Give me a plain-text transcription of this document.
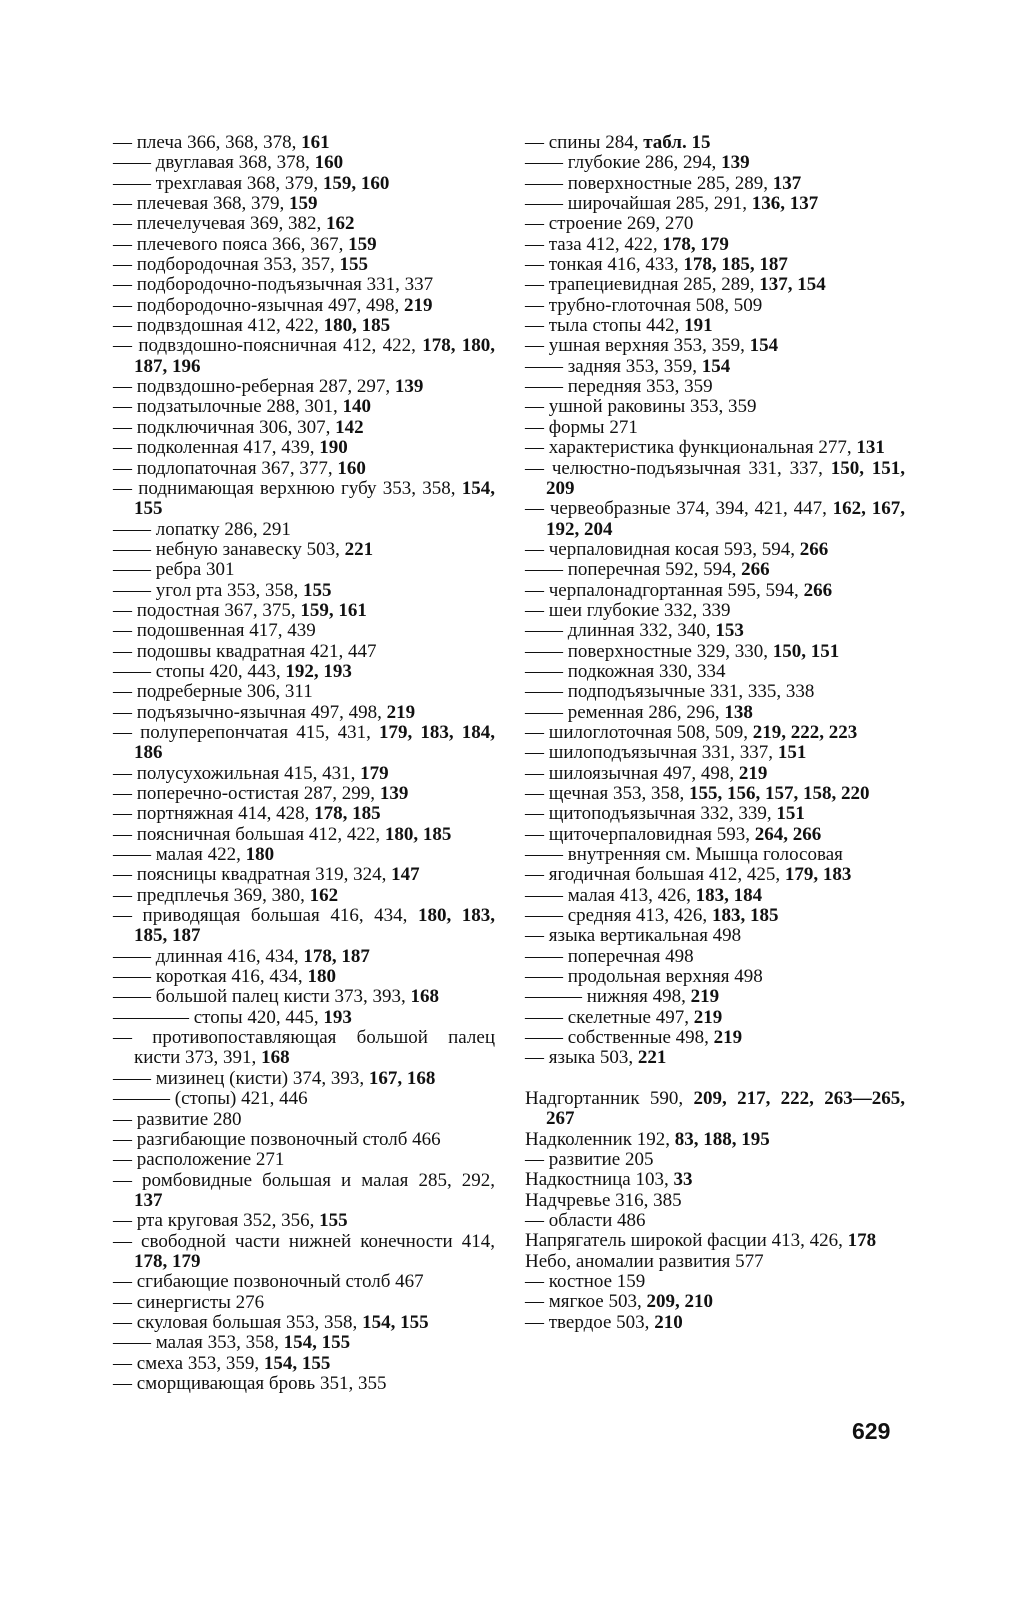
— плеча 366, 368, 378, 161
—— двуглавая 368, 378, 160
—— трехглавая 368, 379, 159, 160
— плечевая 368, 379, 159
— плечелучевая 369, 382, 162
— плечевого пояса 366, 367, 159
— подбородочная 353, 357, 155
— подбородочно-подъязычная 331, 337
— подбородочно-язычная 497, 498, 219
— подвздошная 412, 422, 180, 185
— подвздошно-поясничная 412, 422, 178, 180, 187, 196
— подвздошно-реберная 287, 297, 139
— подзатылочные 288, 301, 140
— подключичная 306, 307, 142
— подколенная 417, 439, 190
— подлопаточная 367, 377, 160
— поднимающая верхнюю губу 353, 358, 154, 155
—— лопатку 286, 291
—— небную занавеску 503, 221
—— ребра 301
—— угол рта 353, 358, 155
— подостная 367, 375, 159, 161
— подошвенная 417, 439
— подошвы квадратная 421, 447
—— стопы 420, 443, 192, 193
— подреберные 306, 311
— подъязычно-язычная 497, 498, 219
— полуперепончатая 415, 431, 179, 183, 184, 186
— полусухожильная 415, 431, 179
— поперечно-остистая 287, 299, 139
— портняжная 414, 428, 178, 185
— поясничная большая 412, 422, 180, 185
—— малая 422, 180
— поясницы квадратная 319, 324, 147
— предплечья 369, 380, 162
— приводящая большая 416, 434, 180, 183, 185, 187
—— длинная 416, 434, 178, 187
—— короткая 416, 434, 180
—— большой палец кисти 373, 393, 168
———— стопы 420, 445, 193
— противопоставляющая большой палец кисти 373, 391, 168
—— мизинец (кисти) 374, 393, 167, 168
——— (стопы) 421, 446
— развитие 280
— разгибающие позвоночный столб 466
— расположение 271
— ромбовидные большая и малая 285, 292, 137
— рта круговая 352, 356, 155
— свободной части нижней конечности 414, 178, 179
— сгибающие позвоночный столб 467
— синергисты 276
— скуловая большая 353, 358, 154, 155
—— малая 353, 358, 154, 155
— смеха 353, 359, 154, 155
— сморщивающая бровь 351, 355
— спины 284, табл. 15
—— глубокие 286, 294, 139
—— поверхностные 285, 289, 137
—— широчайшая 285, 291, 136, 137
— строение 269, 270
— таза 412, 422, 178, 179
— тонкая 416, 433, 178, 185, 187
— трапециевидная 285, 289, 137, 154
— трубно-глоточная 508, 509
— тыла стопы 442, 191
— ушная верхняя 353, 359, 154
—— задняя 353, 359, 154
—— передняя 353, 359
— ушной раковины 353, 359
— формы 271
— характеристика функциональная 277, 131
— челюстно-подъязычная 331, 337, 150, 151, 209
— червеобразные 374, 394, 421, 447, 162, 167, 192, 204
— черпаловидная косая 593, 594, 266
—— поперечная 592, 594, 266
— черпалонадгортанная 595, 594, 266
— шеи глубокие 332, 339
—— длинная 332, 340, 153
—— поверхностные 329, 330, 150, 151
—— подкожная 330, 334
—— подподъязычные 331, 335, 338
—— ременная 286, 296, 138
— шилоглоточная 508, 509, 219, 222, 223
— шилоподъязычная 331, 337, 151
— шилоязычная 497, 498, 219
— щечная 353, 358, 155, 156, 157, 158, 220
— щитоподъязычная 332, 339, 151
— щиточерпаловидная 593, 264, 266
—— внутренняя см. Мышца голосовая
— ягодичная большая 412, 425, 179, 183
—— малая 413, 426, 183, 184
—— средняя 413, 426, 183, 185
— языка вертикальная 498
—— поперечная 498
—— продольная верхняя 498
——— нижняя 498, 219
—— скелетные 497, 219
—— собственные 498, 219
— языка 503, 221
Надгортанник 590, 209, 217, 222, 263—265, 267
Надколенник 192, 83, 188, 195
— развитие 205
Надкостница 103, 33
Надчревье 316, 385
— области 486
Напрягатель широкой фасции 413, 426, 178
Небо, аномалии развития 577
— костное 159
— мягкое 503, 209, 210
— твердое 503, 210
629
